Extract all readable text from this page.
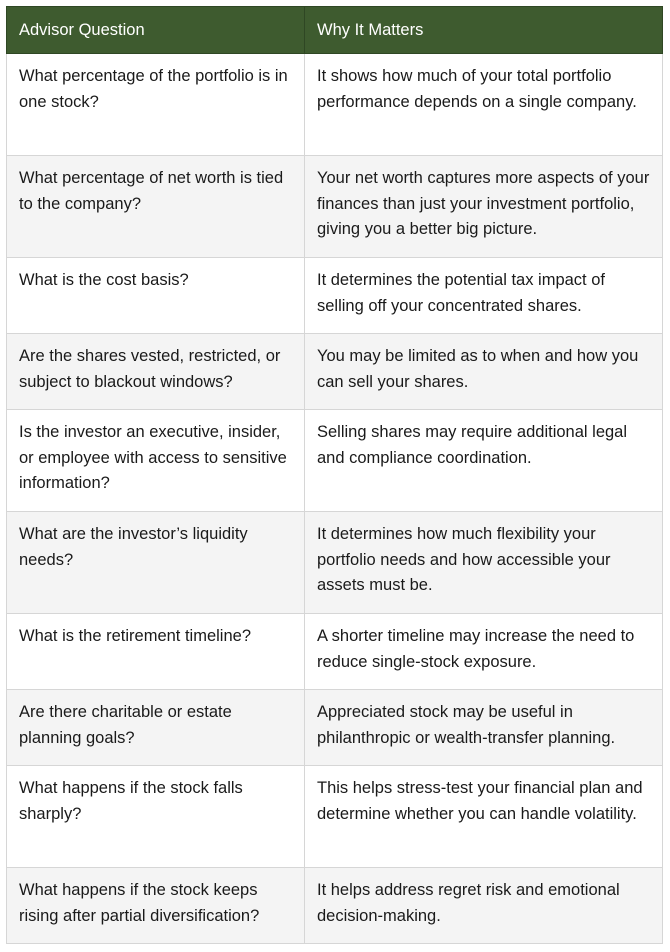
Advisor Question	Why It Matters
What percentage of the portfolio is in one stock?	It shows how much of your total portfolio performance depends on a single company.
What percentage of net worth is tied to the company?	Your net worth captures more aspects of your finances than just your investment portfolio, giving you a better big picture.
What is the cost basis?	It determines the potential tax impact of selling off your concentrated shares.
Are the shares vested, restricted, or subject to blackout windows?	You may be limited as to when and how you can sell your shares.
Is the investor an executive, insider, or employee with access to sensitive information?	Selling shares may require additional legal and compliance coordination.
What are the investor’s liquidity needs?	It determines how much flexibility your portfolio needs and how accessible your assets must be.
What is the retirement timeline?	A shorter timeline may increase the need to reduce single-stock exposure.
Are there charitable or estate planning goals?	Appreciated stock may be useful in philanthropic or wealth-transfer planning.
What happens if the stock falls sharply?	This helps stress-test your financial plan and determine whether you can handle volatility.
What happens if the stock keeps rising after partial diversification?	It helps address regret risk and emotional decision-making.
